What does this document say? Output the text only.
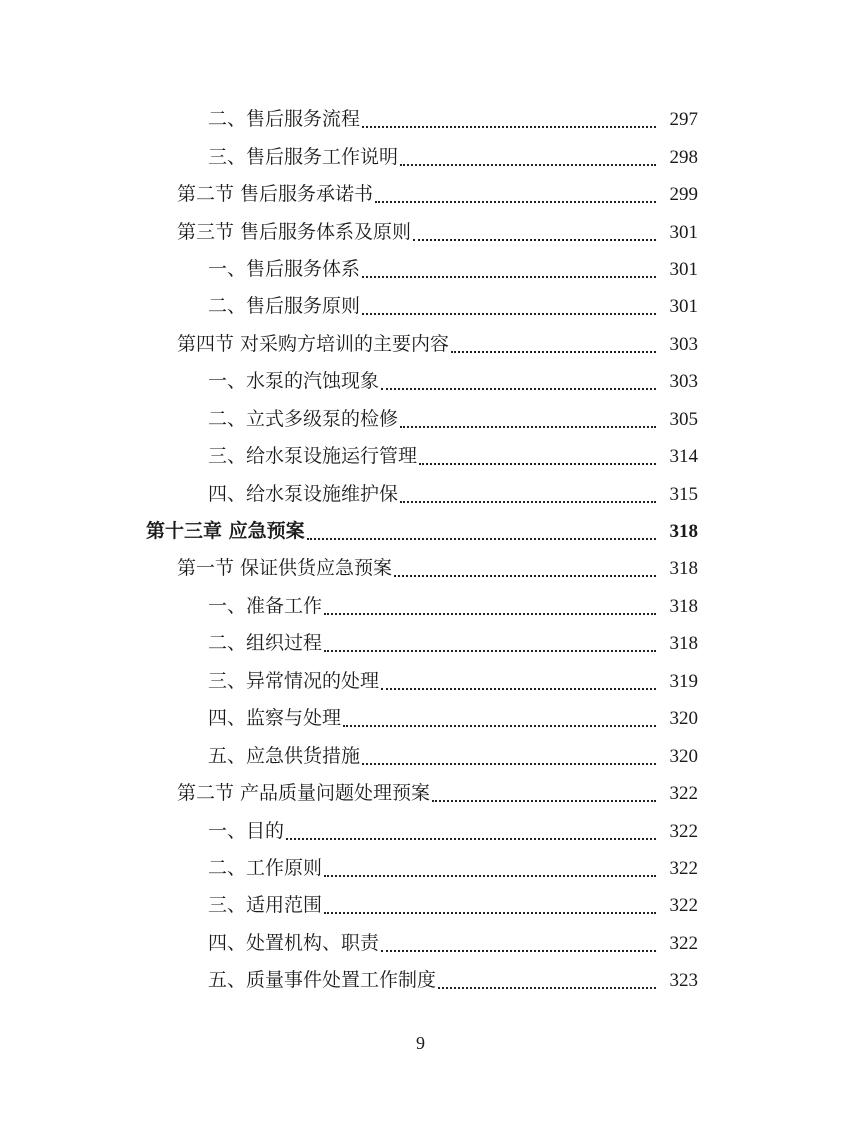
二、售后服务流程	297
三、售后服务工作说明	298
第二节 售后服务承诺书	299
第三节 售后服务体系及原则	301
一、售后服务体系	301
二、售后服务原则	301
第四节 对采购方培训的主要内容	303
一、水泵的汽蚀现象	303
二、立式多级泵的检修	305
三、给水泵设施运行管理	314
四、给水泵设施维护保	315
第十三章 应急预案	318
第一节 保证供货应急预案	318
一、准备工作	318
二、组织过程	318
三、异常情况的处理	319
四、监察与处理	320
五、应急供货措施	320
第二节 产品质量问题处理预案	322
一、目的	322
二、工作原则	322
三、适用范围	322
四、处置机构、职责	322
五、质量事件处置工作制度	323
9
